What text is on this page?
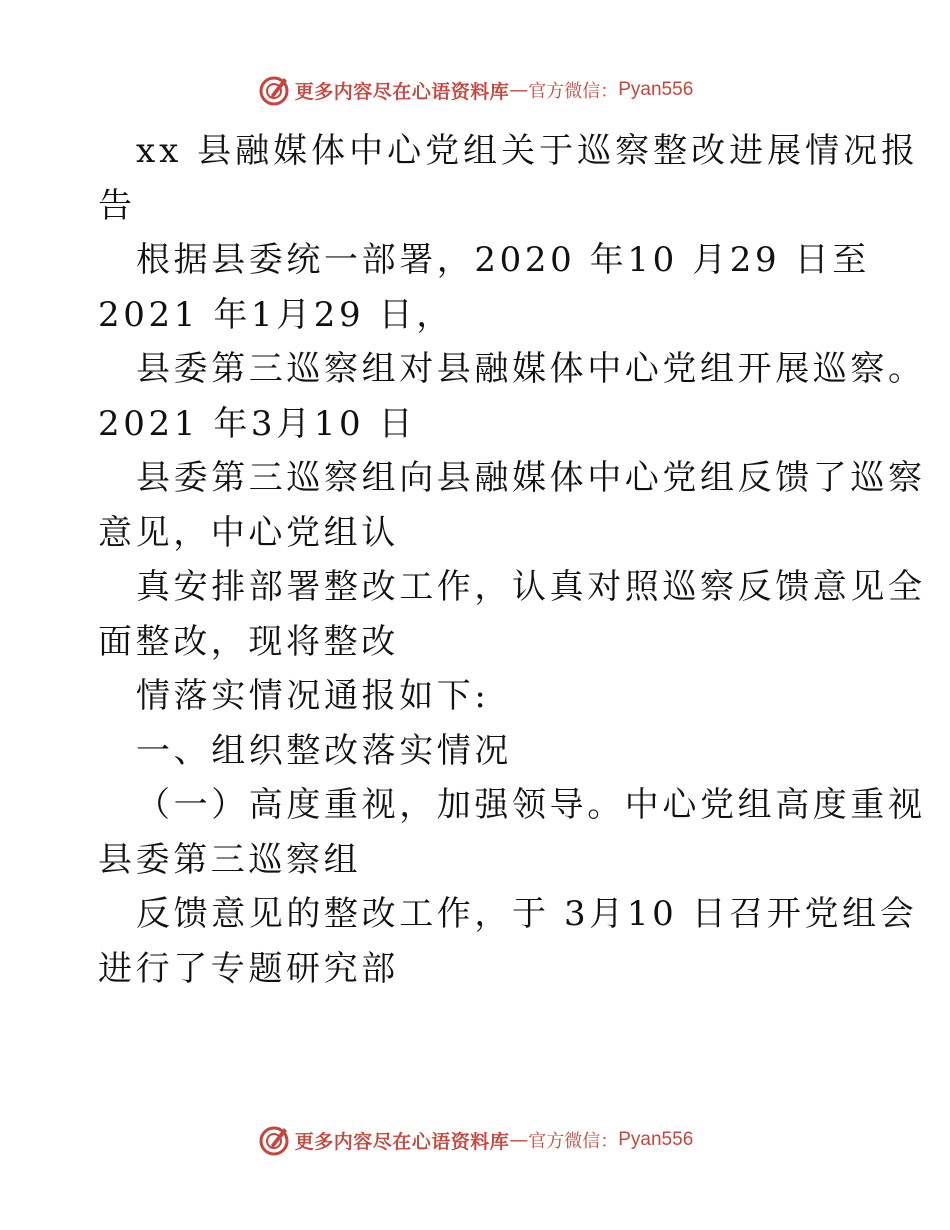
更多内容尽在心语资料库 — 官方微信： Pyan556
xx 县融媒体中心党组关于巡察整改进展情况报
告
根据县委统一部署，2020 年10 月29 日至
2021 年1月29 日，
县委第三巡察组对县融媒体中心党组开展巡察。
2021 年3月10 日
县委第三巡察组向县融媒体中心党组反馈了巡察
意见，中心党组认
真安排部署整改工作，认真对照巡察反馈意见全
面整改，现将整改
情落实情况通报如下:
一、组织整改落实情况
（一）高度重视，加强领导。中心党组高度重视
县委第三巡察组
反馈意见的整改工作，于 3月10 日召开党组会
进行了专题研究部
更多内容尽在心语资料库 — 官方微信： Pyan556
